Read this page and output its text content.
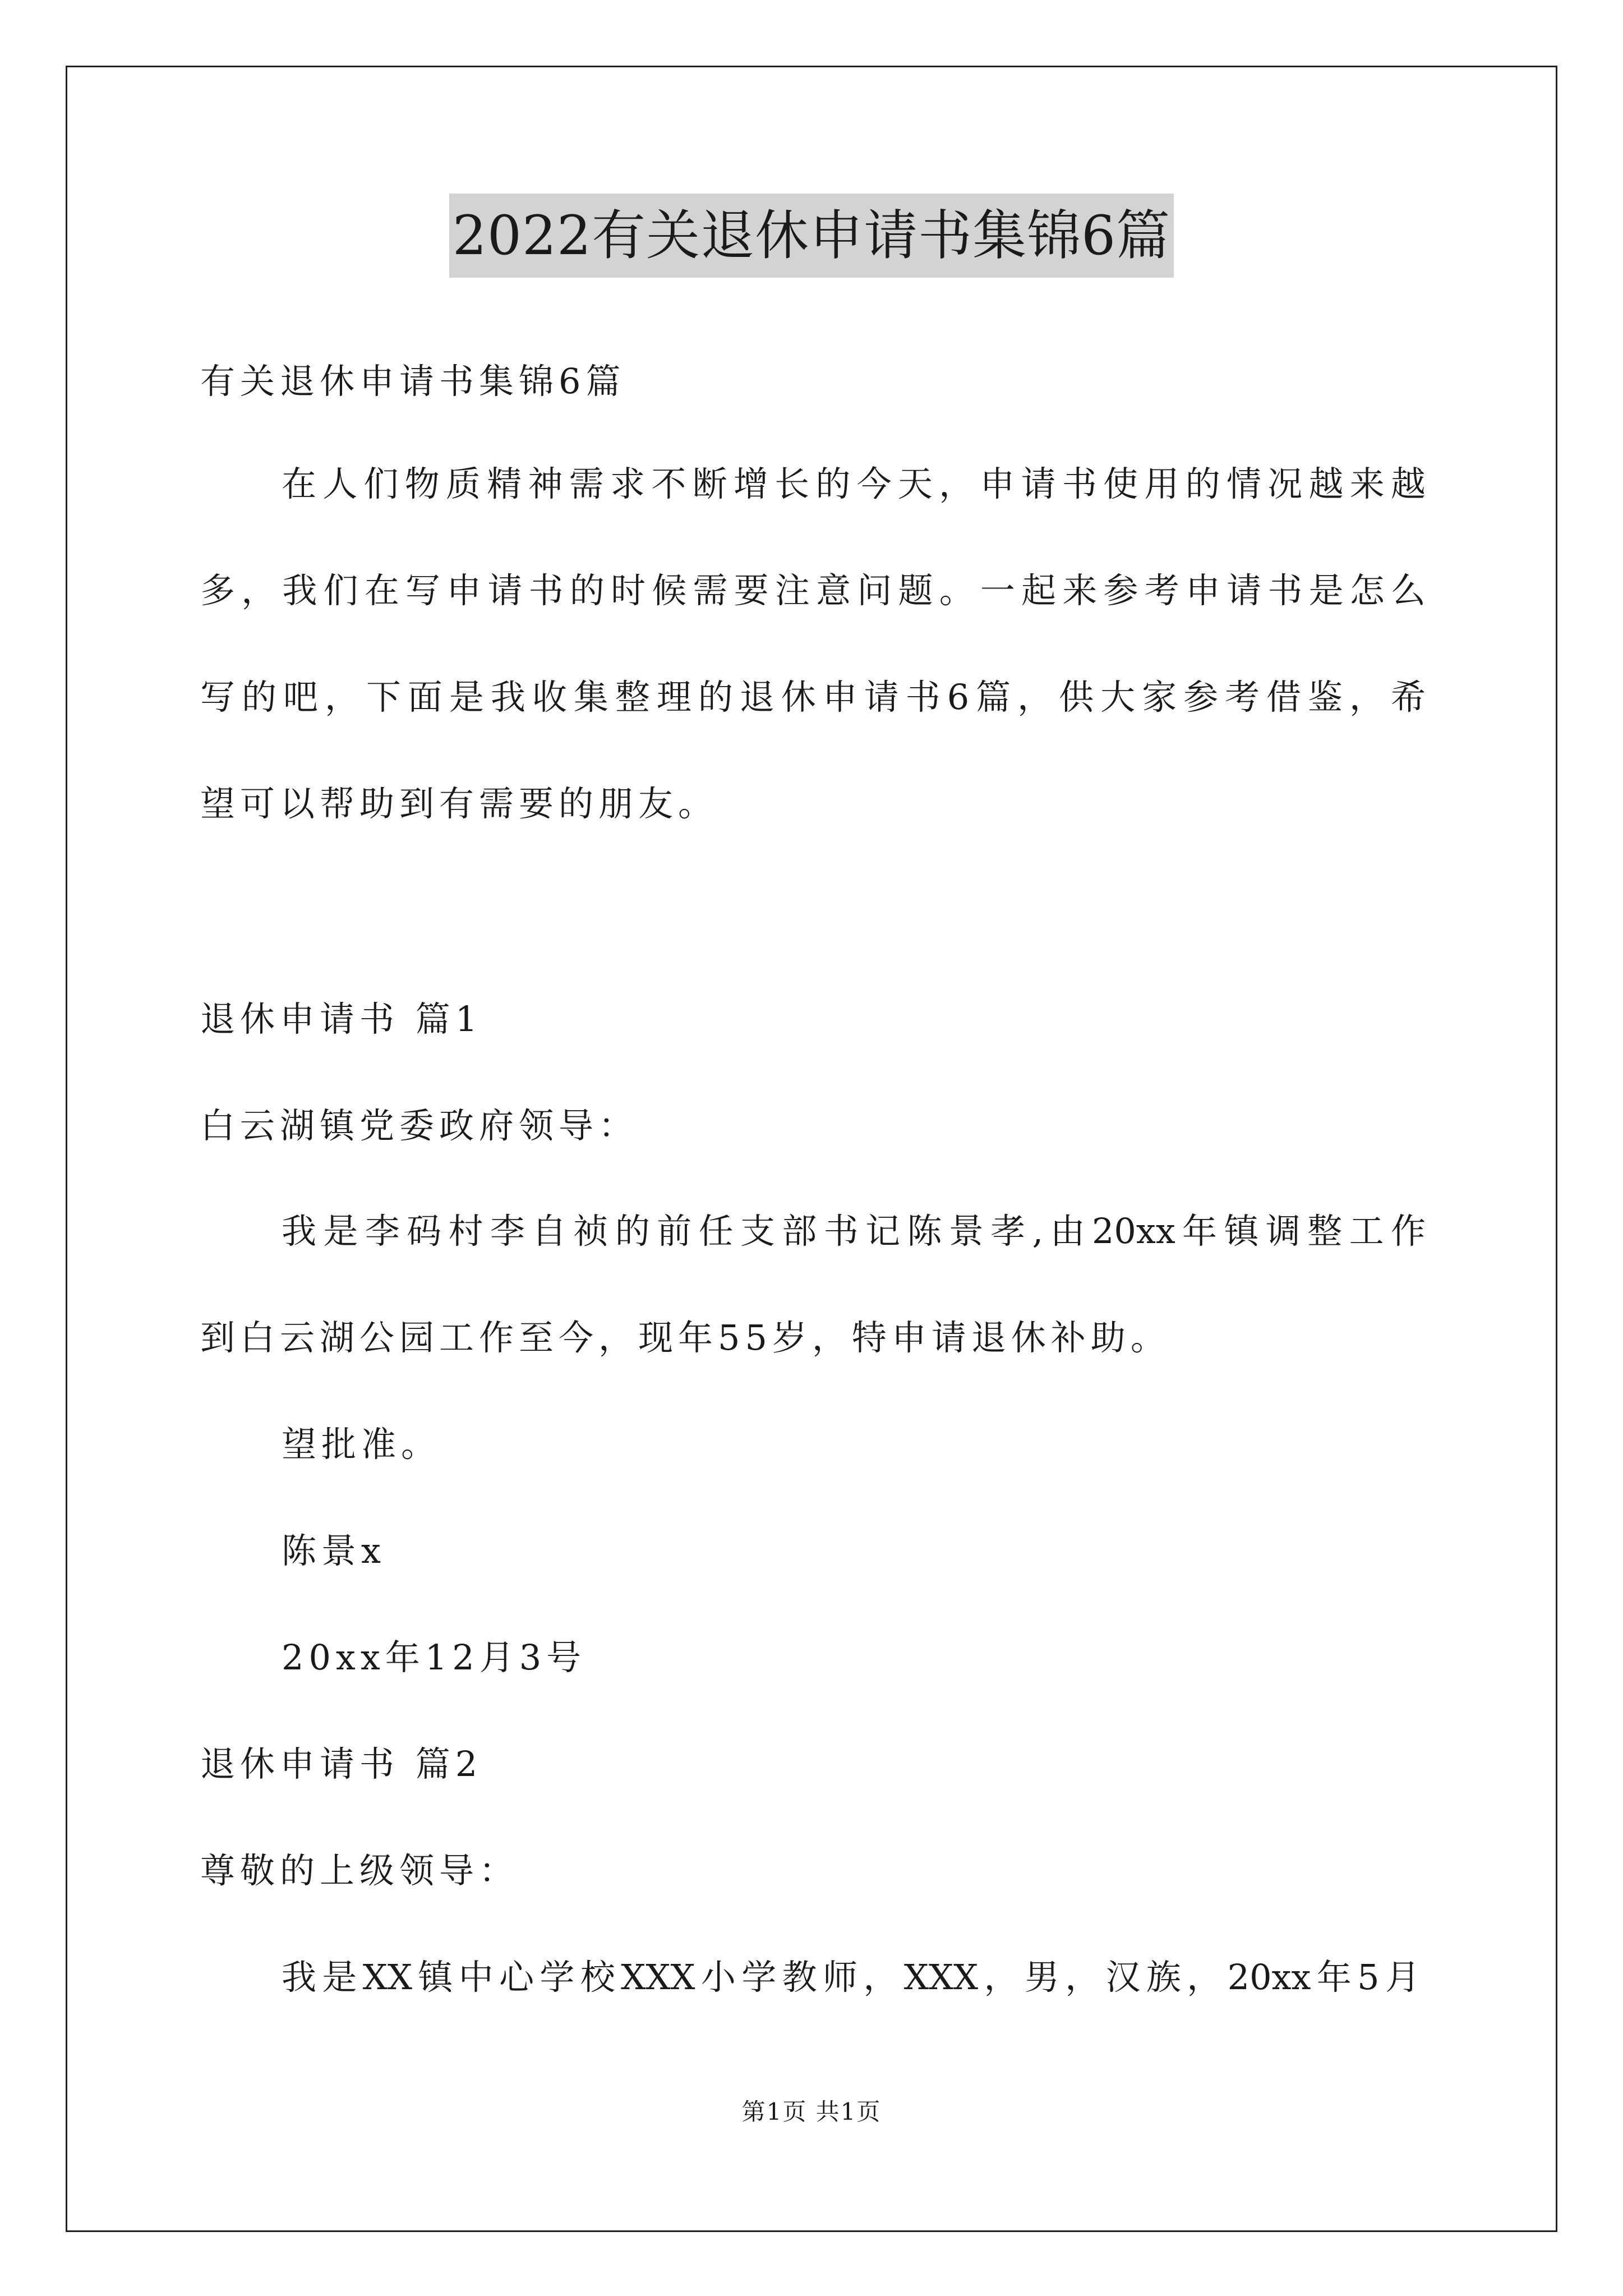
2022有关退休申请书集锦6篇
有关退休申请书集锦6篇
在人们物质精神需求不断增长的今天，申请书使用的情况越来越
多，我们在写申请书的时候需要注意问题。一起来参考申请书是怎么
写的吧，下面是我收集整理的退休申请书6篇，供大家参考借鉴，希
望可以帮助到有需要的朋友。
退休申请书 篇1
白云湖镇党委政府领导：
我是李码村李自祯的前任支部书记陈景孝,由20xx年镇调整工作
到白云湖公园工作至今，现年55岁，特申请退休补助。
望批准。
陈景x
20xx年12月3号
退休申请书 篇2
尊敬的上级领导：
我是XX镇中心学校XXX小学教师，XXX，男，汉族，20xx年5月
第1页 共1页
